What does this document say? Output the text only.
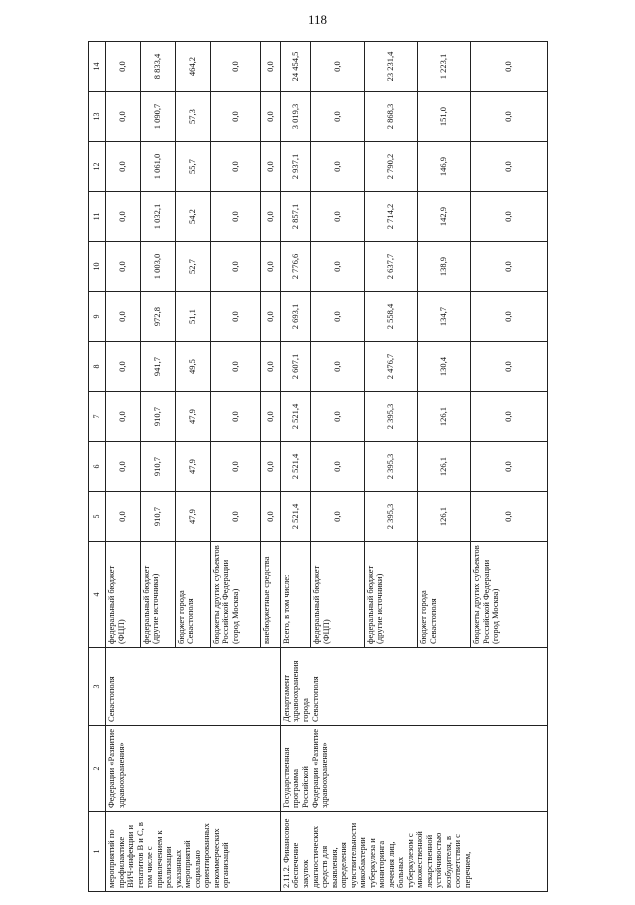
118
1	2	3	4	5	6	7	8	9	10	11	12	13	14
мероприятий по профилактике ВИЧ-инфекции и гепатитов В и С, в том числе с привлечением к реализации указанных мероприятий социально ориентированных некоммерческих организаций	Федерации «Развитие здравоохранения»	Севастополя	федеральный бюджет (ФЦП)	0,0	0,0	0,0	0,0	0,0	0,0	0,0	0,0	0,0	0,0
			федеральный бюджет (другие источники)	910,7	910,7	910,7	941,7	972,8	1 003,0	1 032,1	1 061,0	1 090,7	8 833,4
			бюджет города Севастополя	47,9	47,9	47,9	49,5	51,1	52,7	54,2	55,7	57,3	464,2
			бюджеты других субъектов Российской Федерации (город Москва)	0,0	0,0	0,0	0,0	0,0	0,0	0,0	0,0	0,0	0,0
			внебюджетные средства	0,0	0,0	0,0	0,0	0,0	0,0	0,0	0,0	0,0	0,0
2.11.2. Финансовое обеспечение закупок диагностических средств для выявления, определения чувствительности микобактерии туберкулеза и мониторинга лечения лиц, больных туберкулезом с множественной лекарственной устойчивостью возбудителя, в соответствии с перечнем,	Государственная программа Российской Федерации «Развитие здравоохранения»	Департамент здравоохранения города Севастополя	Всего, в том числе:	2 521,4	2 521,4	2 521,4	2 607,1	2 693,1	2 776,6	2 857,1	2 937,1	3 019,3	24 454,5
			федеральный бюджет (ФЦП)	0,0	0,0	0,0	0,0	0,0	0,0	0,0	0,0	0,0	0,0
			федеральный бюджет (другие источники)	2 395,3	2 395,3	2 395,3	2 476,7	2 558,4	2 637,7	2 714,2	2 790,2	2 868,3	23 231,4
			бюджет города Севастополя	126,1	126,1	126,1	130,4	134,7	138,9	142,9	146,9	151,0	1 223,1
			бюджеты других субъектов Российской Федерации (город Москва)	0,0	0,0	0,0	0,0	0,0	0,0	0,0	0,0	0,0	0,0
